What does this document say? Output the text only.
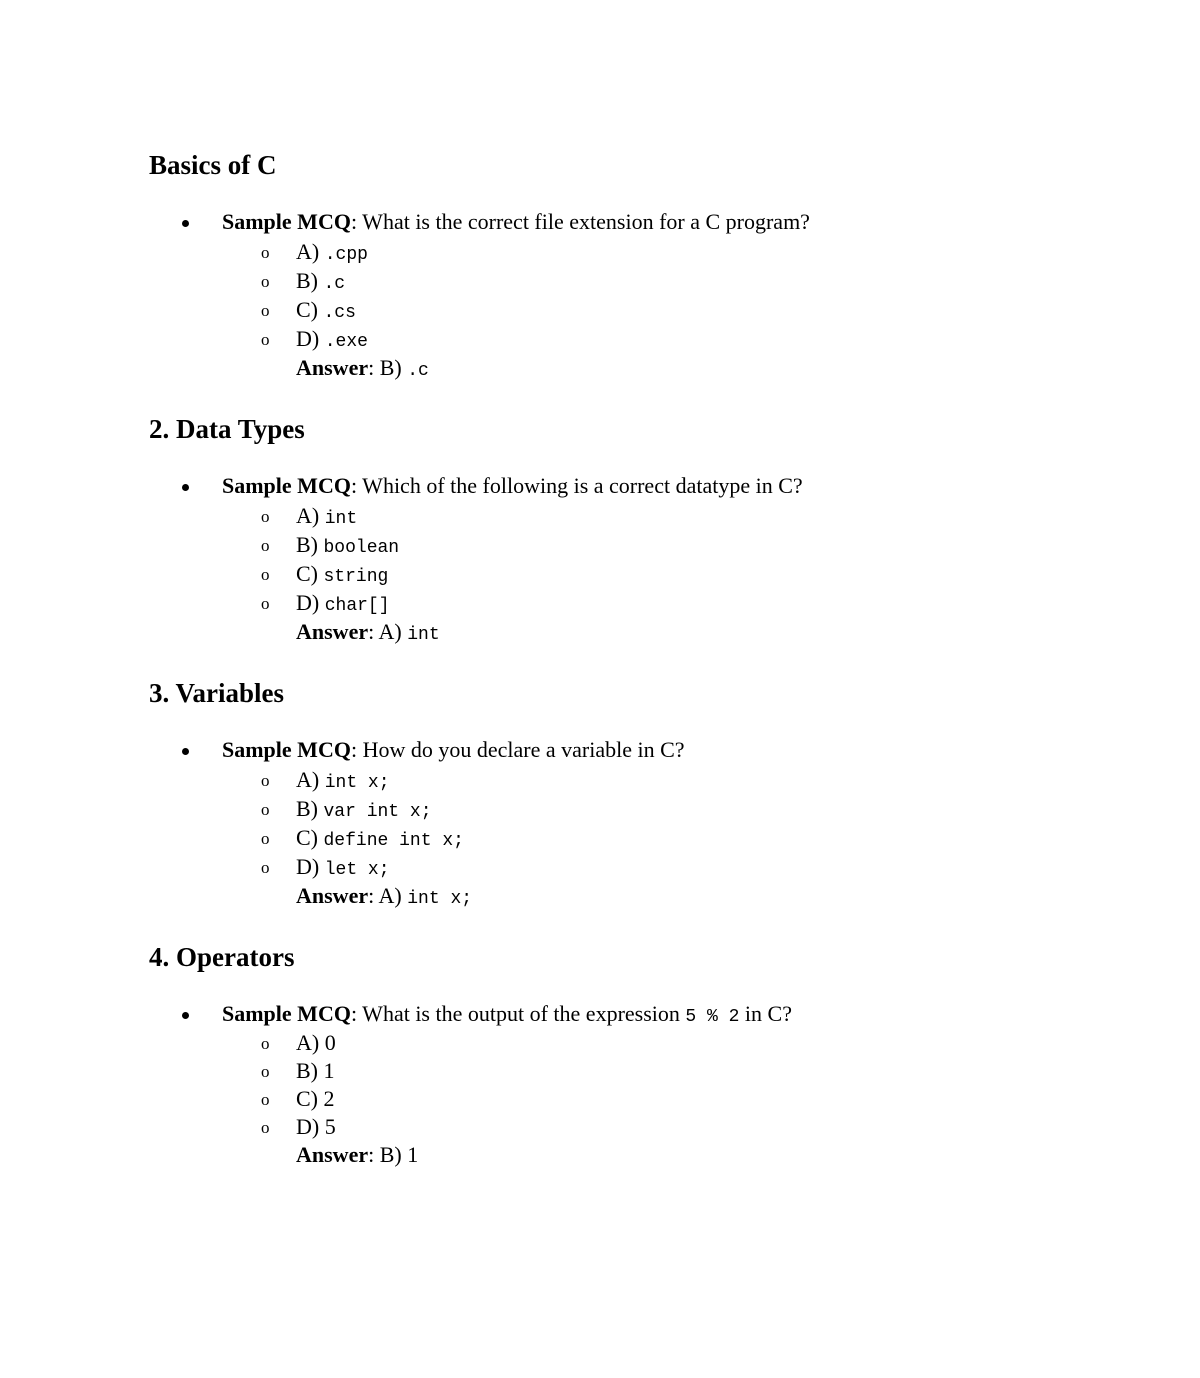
Basics of C
Sample MCQ: What is the correct file extension for a C program?
o A) .cpp
o B) .c
o C) .cs
o D) .exe
Answer: B) .c
2. Data Types
Sample MCQ: Which of the following is a correct datatype in C?
o A) int
o B) boolean
o C) string
o D) char[]
Answer: A) int
3. Variables
Sample MCQ: How do you declare a variable in C?
o A) int x;
o B) var int x;
o C) define int x;
o D) let x;
Answer: A) int x;
4. Operators
Sample MCQ: What is the output of the expression 5 % 2 in C?
o A) 0
o B) 1
o C) 2
o D) 5
Answer: B) 1
